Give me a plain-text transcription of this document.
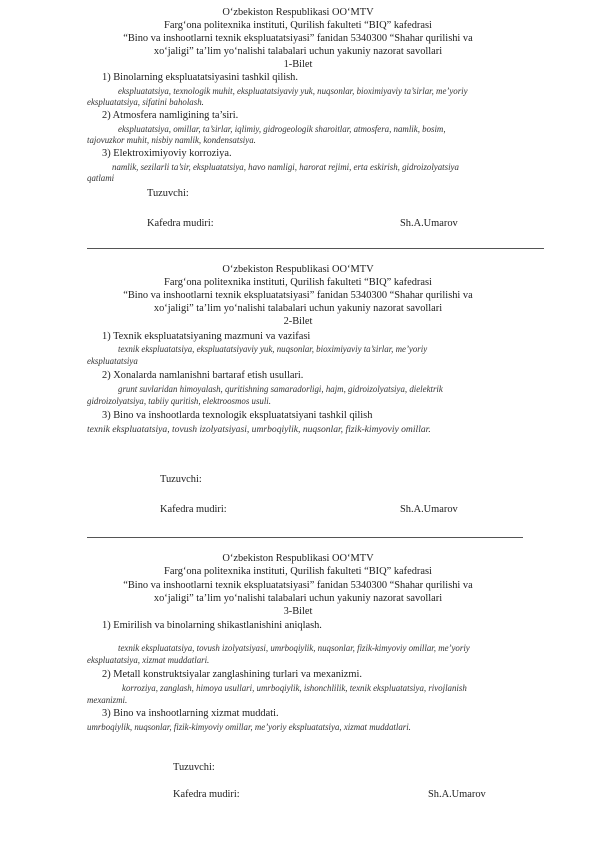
O‘zbekiston Respublikasi OO‘MTV
Farg‘ona politexnika instituti, Qurilish fakulteti “BIQ” kafedrasi
“Bino va inshootlarni texnik ekspluatatsiyasi” fanidan 5340300 “Shahar qurilishi va
xo‘jaligi” ta’lim yo‘nalishi talabalari uchun yakuniy nazorat savollari
1-Bilet
1) Binolarning ekspluatatsiyasini tashkil qilish.
ekspluatatsiya, texnologik muhit, ekspluatatsiyaviy yuk, nuqsonlar, bioximiyaviy ta’sirlar, me’yoriy
ekspluatatsiya, sifatini baholash.
2) Atmosfera namligining ta’siri.
ekspluatatsiya, omillar, ta’sirlar, iqlimiy, gidrogeologik sharoitlar, atmosfera, namlik, bosim,
tajovuzkor muhit, nisbiy namlik, kondensatsiya.
3) Elektroximiyoviy korroziya.
namlik, sezilarli ta’sir, ekspluatatsiya, havo namligi, harorat rejimi, erta eskirish, gidroizolyatsiya
qatlami
Tuzuvchi:
Kafedra mudiri:	Sh.A.Umarov
O‘zbekiston Respublikasi OO‘MTV
Farg‘ona politexnika instituti, Qurilish fakulteti “BIQ” kafedrasi
“Bino va inshootlarni texnik ekspluatatsiyasi” fanidan 5340300 “Shahar qurilishi va
xo‘jaligi” ta’lim yo‘nalishi talabalari uchun yakuniy nazorat savollari
2-Bilet
1) Texnik ekspluatatsiyaning mazmuni va vazifasi
texnik ekspluatatsiya, ekspluatatsiyaviy yuk, nuqsonlar, bioximiyaviy ta’sirlar, me’yoriy
ekspluatatsiya
2) Xonalarda namlanishni bartaraf etish usullari.
grunt suvlaridan himoyalash, quritishning samaradorligi, hajm, gidroizolyatsiya, dielektrik
gidroizolyatsiya, tabiiy quritish, elektroosmos usuli.
3) Bino va inshootlarda texnologik ekspluatatsiyani tashkil qilish
texnik ekspluatatsiya, tovush izolyatsiyasi, umrboqiylik, nuqsonlar, fizik-kimyoviy omillar.
Tuzuvchi:
Kafedra mudiri:	Sh.A.Umarov
O‘zbekiston Respublikasi OO‘MTV
Farg‘ona politexnika instituti, Qurilish fakulteti “BIQ” kafedrasi
“Bino va inshootlarni texnik ekspluatatsiyasi” fanidan 5340300 “Shahar qurilishi va
xo‘jaligi” ta’lim yo‘nalishi talabalari uchun yakuniy nazorat savollari
3-Bilet
1) Emirilish va binolarning shikastlanishini aniqlash.
texnik ekspluatatsiya, tovush izolyatsiyasi, umrboqiylik, nuqsonlar, fizik-kimyoviy omillar, me’yoriy
ekspluatatsiya, xizmat muddatlari.
2) Metall konstruktsiyalar zanglashining turlari va mexanizmi.
korroziya, zanglash, himoya usullari, umrboqiylik, ishonchlilik, texnik ekspluatatsiya, rivojlanish
mexanizmi.
3) Bino va inshootlarning xizmat muddati.
umrboqiylik, nuqsonlar, fizik-kimyoviy omillar, me’yoriy ekspluatatsiya, xizmat muddatlari.
Tuzuvchi:
Kafedra mudiri:	Sh.A.Umarov
